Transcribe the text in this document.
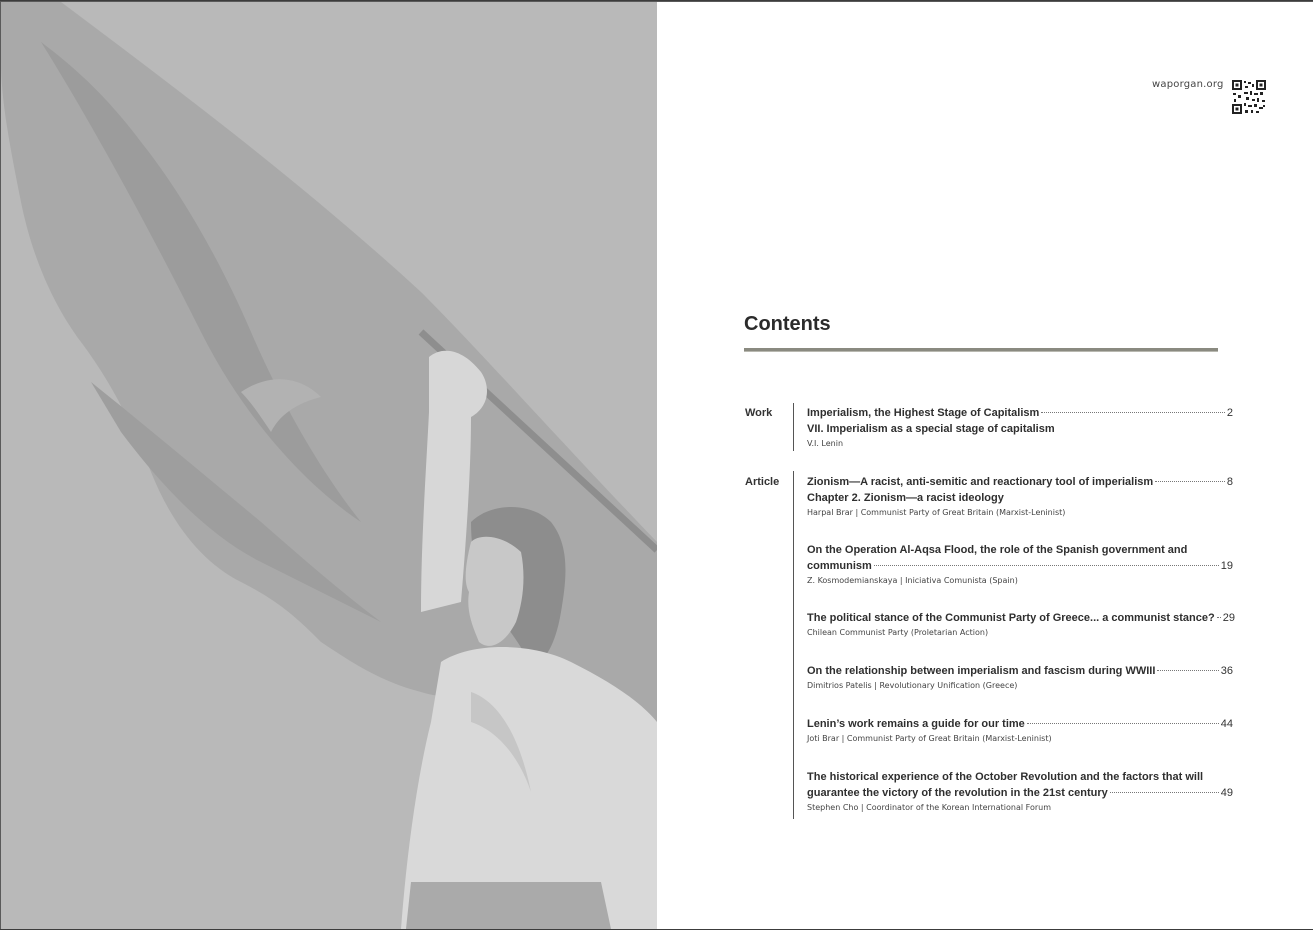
waporgan.org
Contents
Work	Imperialism, the Highest Stage of Capitalism	2
VII. Imperialism as a special stage of capitalism
V.I. Lenin
Article	Zionism—A racist, anti-semitic and reactionary tool of imperialism	8
Chapter 2. Zionism—a racist ideology
Harpal Brar | Communist Party of Great Britain (Marxist-Leninist)
On the Operation Al-Aqsa Flood, the role of the Spanish government and
communism	19
Z. Kosmodemianskaya | Iniciativa Comunista (Spain)
The political stance of the Communist Party of Greece... a communist stance? 29
Chilean Communist Party (Proletarian Action)
On the relationship between imperialism and fascism during WWIII	36
Dimitrios Patelis | Revolutionary Unification (Greece)
Lenin’s work remains a guide for our time	44
Joti Brar | Communist Party of Great Britain (Marxist-Leninist)
The historical experience of the October Revolution and the factors that will
guarantee the victory of the revolution in the 21st century	49
Stephen Cho | Coordinator of the Korean International Forum
